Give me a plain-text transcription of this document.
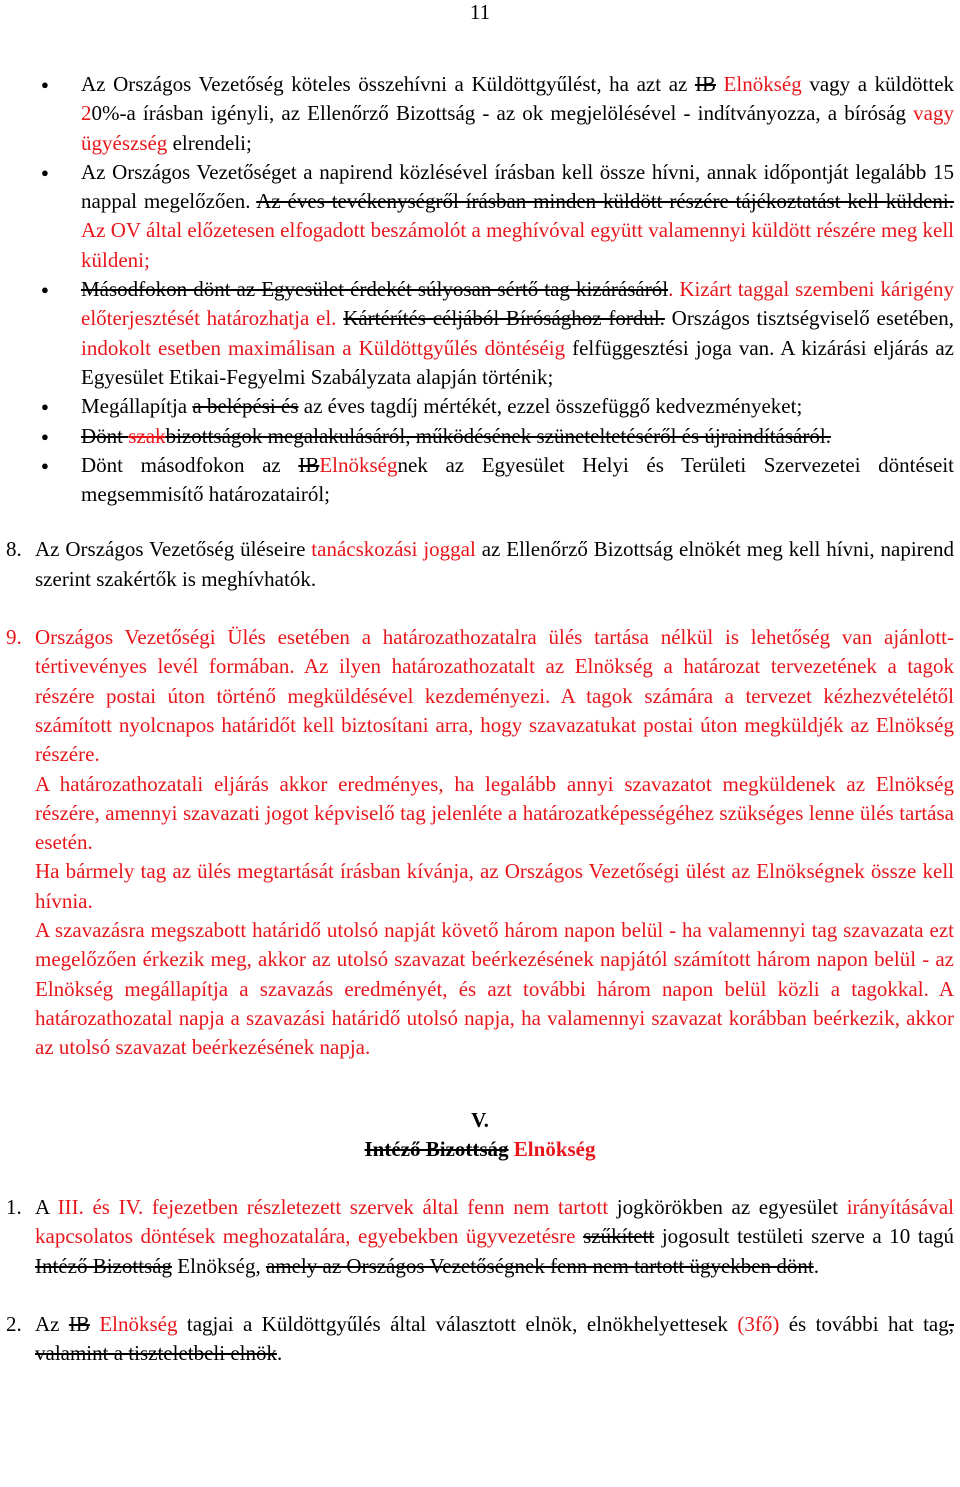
11

● Az Országos Vezetőség köteles összehívni a Küldöttgyűlést, ha azt az IB Elnökség vagy a küldöttek 20%-a írásban igényli, az Ellenőrző Bizottság - az ok megjelölésével - indítványozza, a bíróság vagy ügyészség elrendeli;

● Az Országos Vezetőséget a napirend közlésével írásban kell össze hívni, annak időpontját legalább 15 nappal megelőzően. Az éves tevékenységről írásban minden küldött részére tájékoztatást kell küldeni. Az OV által előzetesen elfogadott beszámolót a meghívóval együtt valamennyi küldött részére meg kell küldeni;

● Másodfokon dönt az Egyesület érdekét súlyosan sértő tag kizárásáról. Kizárt taggal szembeni kárigény előterjesztését határozhatja el. Kártérítés céljából Bírósághoz fordul. Országos tisztségviselő esetében, indokolt esetben maximálisan a Küldöttgyűlés döntéséig felfüggesztési joga van. A kizárási eljárás az Egyesület Etikai-Fegyelmi Szabályzata alapján történik;

● Megállapítja a belépési és az éves tagdíj mértékét, ezzel összefüggő kedvezményeket;

● Dönt szakbizottságok megalakulásáról, működésének szüneteltetéséről és újraindításáról.

● Dönt másodfokon az IBElnökségnek az Egyesület Helyi és Területi Szervezetei döntéseit megsemmisítő határozatairól;

8. Az Országos Vezetőség üléseire tanácskozási joggal az Ellenőrző Bizottság elnökét meg kell hívni, napirend szerint szakértők is meghívhatók.

9. Országos Vezetőségi Ülés esetében a határozathozatalra ülés tartása nélkül is lehetőség van ajánlott-tértivevényes levél formában. Az ilyen határozathozatalt az Elnökség a határozat tervezetének a tagok részére postai úton történő megküldésével kezdeményezi. A tagok számára a tervezet kézhezvételétől számított nyolcnapos határidőt kell biztosítani arra, hogy szavazatukat postai úton megküldjék az Elnökség részére.

A határozathozatali eljárás akkor eredményes, ha legalább annyi szavazatot megküldenek az Elnökség részére, amennyi szavazati jogot képviselő tag jelenléte a határozatképességéhez szükséges lenne ülés tartása esetén.

Ha bármely tag az ülés megtartását írásban kívánja, az Országos Vezetőségi ülést az Elnökségnek össze kell hívnia.

A szavazásra megszabott határidő utolsó napját követő három napon belül - ha valamennyi tag szavazata ezt megelőzően érkezik meg, akkor az utolsó szavazat beérkezésének napjától számított három napon belül - az Elnökség megállapítja a szavazás eredményét, és azt további három napon belül közli a tagokkal. A határozathozatal napja a szavazási határidő utolsó napja, ha valamennyi szavazat korábban beérkezik, akkor az utolsó szavazat beérkezésének napja.

V.

Intéző Bizottság Elnökség

1. A III. és IV. fejezetben részletezett szervek által fenn nem tartott jogkörökben az egyesület irányításával kapcsolatos döntések meghozatalára, egyebekben ügyvezetésre szűkített jogosult testületi szerve a 10 tagú Intéző Bizottság Elnökség, amely az Országos Vezetőségnek fenn nem tartott ügyekben dönt.

2. Az IB Elnökség tagjai a Küldöttgyűlés által választott elnök, elnökhelyettesek (3fő) és további hat tag, valamint a tiszteletbeli elnök.
